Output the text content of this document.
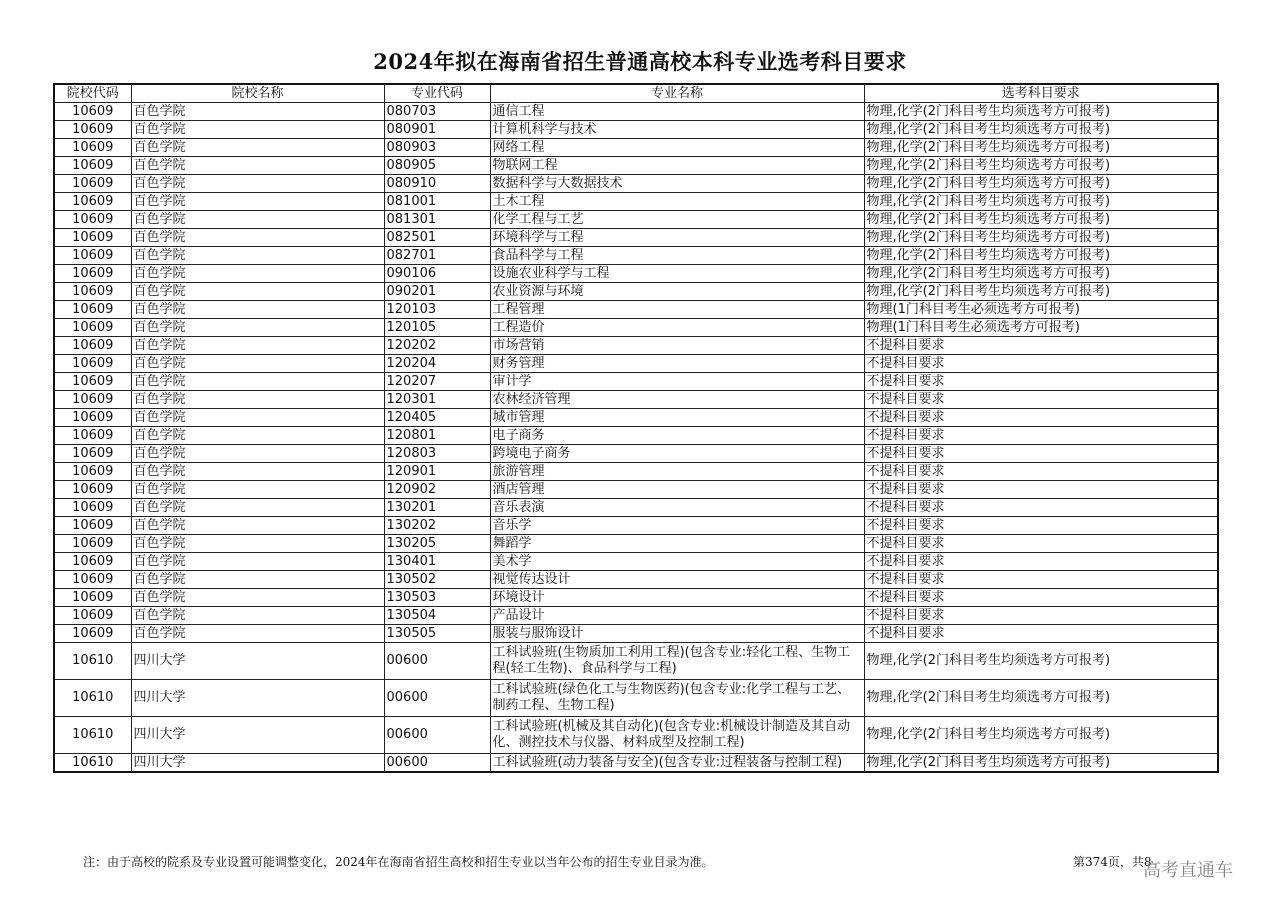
2024年拟在海南省招生普通高校本科专业选考科目要求
院校代码	院校名称	专业代码	专业名称	选考科目要求
10609	百色学院	080703	通信工程	物理,化学(2门科目考生均须选考方可报考)
10609	百色学院	080901	计算机科学与技术	物理,化学(2门科目考生均须选考方可报考)
10609	百色学院	080903	网络工程	物理,化学(2门科目考生均须选考方可报考)
10609	百色学院	080905	物联网工程	物理,化学(2门科目考生均须选考方可报考)
10609	百色学院	080910	数据科学与大数据技术	物理,化学(2门科目考生均须选考方可报考)
10609	百色学院	081001	土木工程	物理,化学(2门科目考生均须选考方可报考)
10609	百色学院	081301	化学工程与工艺	物理,化学(2门科目考生均须选考方可报考)
10609	百色学院	082501	环境科学与工程	物理,化学(2门科目考生均须选考方可报考)
10609	百色学院	082701	食品科学与工程	物理,化学(2门科目考生均须选考方可报考)
10609	百色学院	090106	设施农业科学与工程	物理,化学(2门科目考生均须选考方可报考)
10609	百色学院	090201	农业资源与环境	物理,化学(2门科目考生均须选考方可报考)
10609	百色学院	120103	工程管理	物理(1门科目考生必须选考方可报考)
10609	百色学院	120105	工程造价	物理(1门科目考生必须选考方可报考)
10609	百色学院	120202	市场营销	不提科目要求
10609	百色学院	120204	财务管理	不提科目要求
10609	百色学院	120207	审计学	不提科目要求
10609	百色学院	120301	农林经济管理	不提科目要求
10609	百色学院	120405	城市管理	不提科目要求
10609	百色学院	120801	电子商务	不提科目要求
10609	百色学院	120803	跨境电子商务	不提科目要求
10609	百色学院	120901	旅游管理	不提科目要求
10609	百色学院	120902	酒店管理	不提科目要求
10609	百色学院	130201	音乐表演	不提科目要求
10609	百色学院	130202	音乐学	不提科目要求
10609	百色学院	130205	舞蹈学	不提科目要求
10609	百色学院	130401	美术学	不提科目要求
10609	百色学院	130502	视觉传达设计	不提科目要求
10609	百色学院	130503	环境设计	不提科目要求
10609	百色学院	130504	产品设计	不提科目要求
10609	百色学院	130505	服装与服饰设计	不提科目要求
10610	四川大学	00600	工科试验班(生物质加工利用工程)(包含专业:轻化工程、生物工程(轻工生物)、食品科学与工程)	物理,化学(2门科目考生均须选考方可报考)
10610	四川大学	00600	工科试验班(绿色化工与生物医药)(包含专业:化学工程与工艺、制药工程、生物工程)	物理,化学(2门科目考生均须选考方可报考)
10610	四川大学	00600	工科试验班(机械及其自动化)(包含专业:机械设计制造及其自动化、测控技术与仪器、材料成型及控制工程)	物理,化学(2门科目考生均须选考方可报考)
10610	四川大学	00600	工科试验班(动力装备与安全)(包含专业:过程装备与控制工程)	物理,化学(2门科目考生均须选考方可报考)
注：由于高校的院系及专业设置可能调整变化，2024年在海南省招生高校和招生专业以当年公布的招生专业目录为准。	第374页，共8
高考直通车
